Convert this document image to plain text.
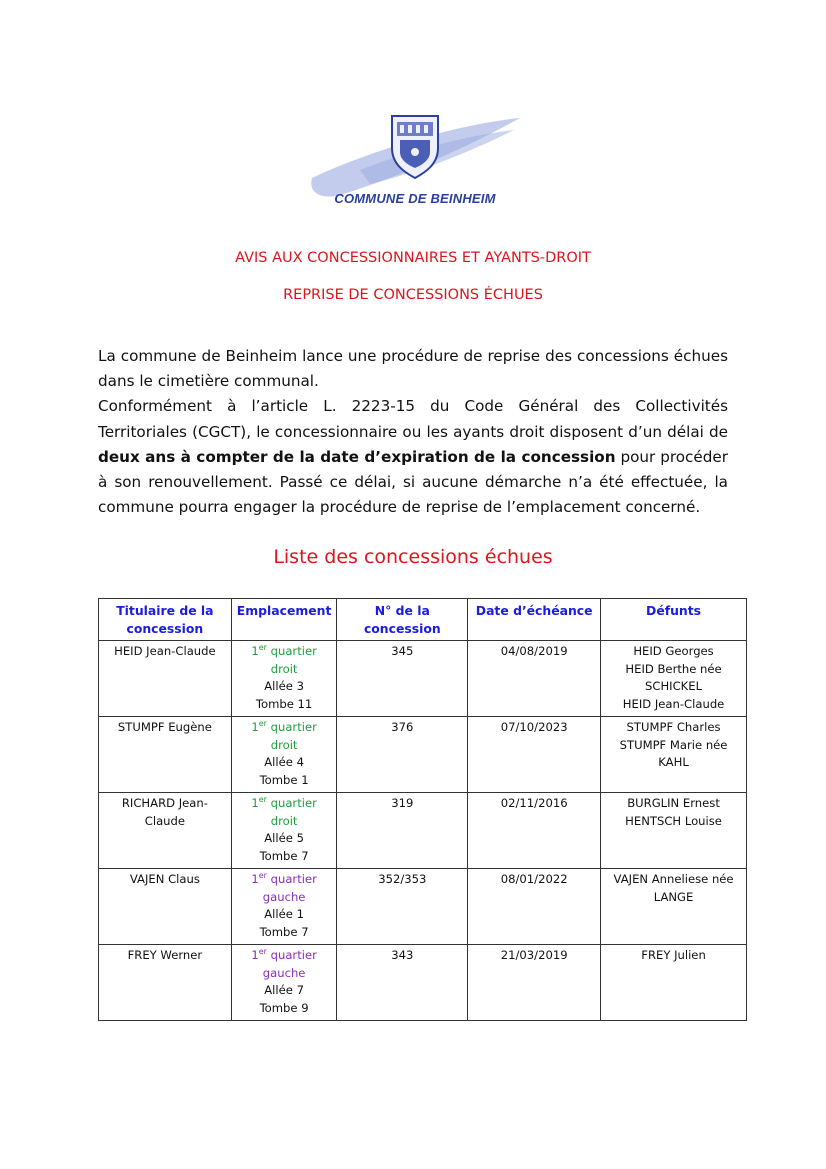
COMMUNE DE BEINHEIM
AVIS AUX CONCESSIONNAIRES ET AYANTS-DROIT
REPRISE DE CONCESSIONS ÉCHUES

La commune de Beinheim lance une procédure de reprise des concessions échues dans le cimetière communal.

Conformément à l’article L. 2223-15 du Code Général des Collectivités Territoriales (CGCT), le concessionnaire ou les ayants droit disposent d’un délai de deux ans à compter de la date d’expiration de la concession pour procéder à son renouvellement. Passé ce délai, si aucune démarche n’a été effectuée, la commune pourra engager la procédure de reprise de l’emplacement concerné.

Liste des concessions échues
Titulaire de la concession	Emplacement	N° de la concession	Date d’échéance	Défunts
HEID Jean-Claude	1er quartier droit
Allée 3
Tombe 11	345	04/08/2019	HEID Georges
HEID Berthe née SCHICKEL
HEID Jean-Claude

STUMPF Eugène	1er quartier droit
Allée 4
Tombe 1	376	07/10/2023	STUMPF Charles
STUMPF Marie née KAHL

RICHARD Jean-Claude	1er quartier droit
Allée 5
Tombe 7	319	02/11/2016	BURGLIN Ernest
HENTSCH Louise

VAJEN Claus	1er quartier gauche
Allée 1
Tombe 7	352/353	08/01/2022	VAJEN Anneliese née LANGE

FREY Werner	1er quartier gauche
Allée 7
Tombe 9	343	21/03/2019	FREY Julien
